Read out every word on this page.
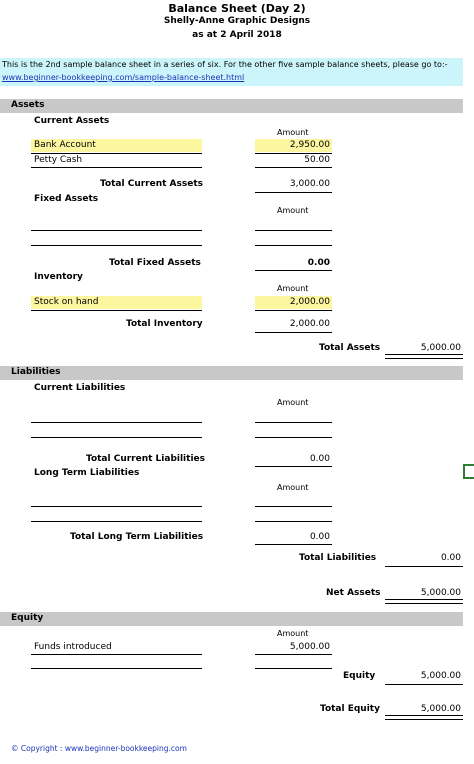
Balance Sheet (Day 2)
Shelly-Anne Graphic Designs
as at 2 April 2018
This is the 2nd sample balance sheet in a series of six. For the other five sample balance sheets, please go to:-
www.beginner-bookkeeping.com/sample-balance-sheet.html
Assets
Current Assets
Amount
Bank Account	2,950.00
Petty Cash	50.00
Total Current Assets	3,000.00
Fixed Assets
Amount
Total Fixed Assets	0.00
Inventory
Amount
Stock on hand	2,000.00
Total Inventory	2,000.00
Total Assets	5,000.00
Liabilities
Current Liabilities
Amount
Total Current Liabilities	0.00
Long Term Liabilities
Amount
Total Long Term Liabilities	0.00
Total Liabilities	0.00
Net Assets	5,000.00
Equity
Amount
Funds introduced	5,000.00
Equity	5,000.00
Total Equity	5,000.00
© Copyright : www.beginner-bookkeeping.com
